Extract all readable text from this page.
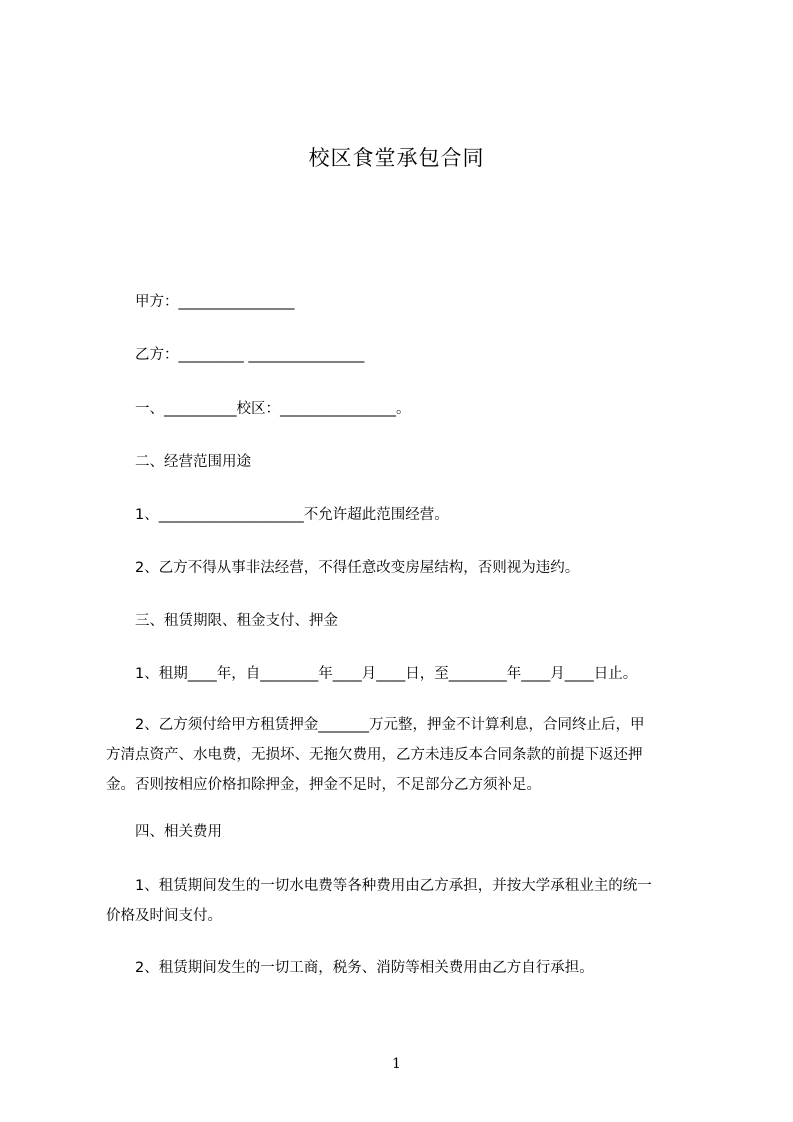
校区食堂承包合同
甲方：________________
乙方：_________ ________________
一、__________校区：________________。
二、经营范围用途
1、____________________不允许超此范围经营。
2、乙方不得从事非法经营，不得任意改变房屋结构，否则视为违约。
三、租赁期限、租金支付、押金
1、租期____年，自________年____月____日，至________年____月____日止。
2、乙方须付给甲方租赁押金_______万元整，押金不计算利息，合同终止后，甲
方清点资产、水电费，无损坏、无拖欠费用，乙方未违反本合同条款的前提下返还押
金。否则按相应价格扣除押金，押金不足时，不足部分乙方须补足。
四、相关费用
1、租赁期间发生的一切水电费等各种费用由乙方承担，并按大学承租业主的统一
价格及时间支付。
2、租赁期间发生的一切工商，税务、消防等相关费用由乙方自行承担。
1
